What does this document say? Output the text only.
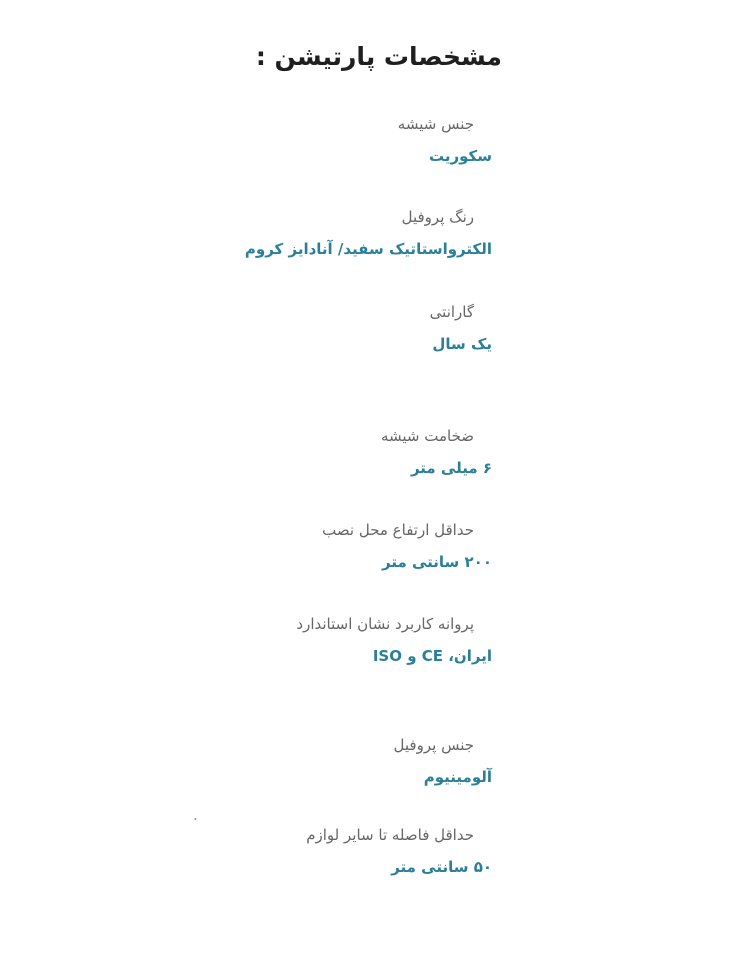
مشخصات پارتیشن :
جنس شیشه
سکوریت
رنگ پروفیل
الکترواستاتیک سفید/ آنادایز کروم
گارانتی
یک سال
ضخامت شیشه
۶ میلی متر
حداقل ارتفاع محل نصب
۲۰۰ سانتی متر
پروانه کاربرد نشان استاندارد
ایران، CE و ISO
جنس پروفیل
آلومینیوم
حداقل فاصله تا سایر لوازم
۵۰ سانتی متر
